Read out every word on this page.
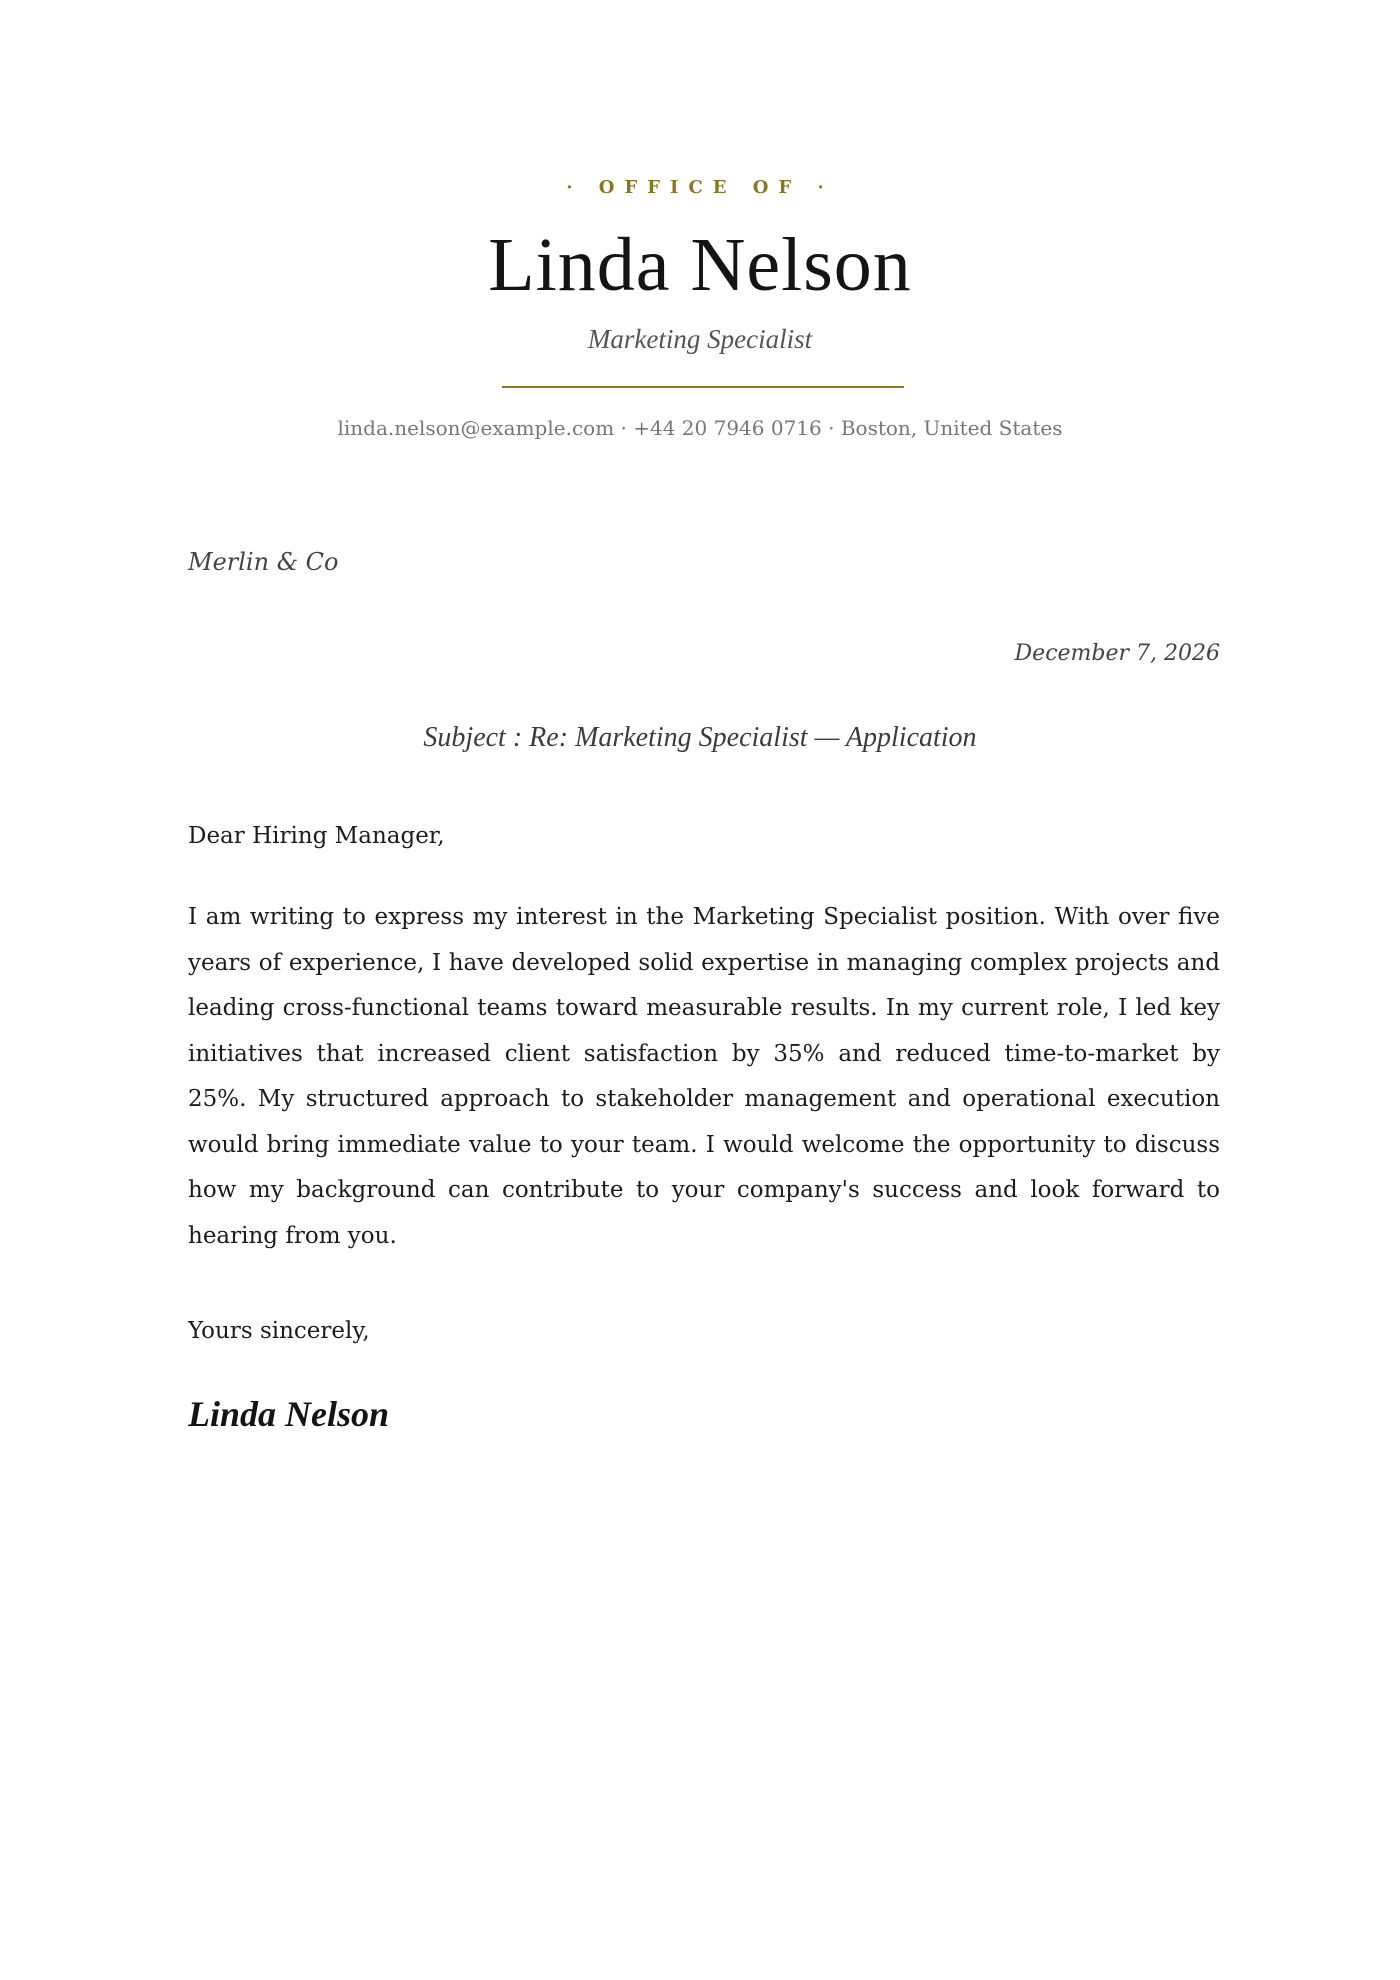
· OFFICE OF ·
Linda Nelson
Marketing Specialist
linda.nelson@example.com · +44 20 7946 0716 · Boston, United States
Merlin & Co
December 7, 2026
Subject : Re: Marketing Specialist — Application
Dear Hiring Manager,
I am writing to express my interest in the Marketing Specialist position. With over five years of experience, I have developed solid expertise in managing complex projects and leading cross-functional teams toward measurable results. In my current role, I led key initiatives that increased client satisfaction by 35% and reduced time-to-market by 25%. My structured approach to stakeholder management and operational execution would bring immediate value to your team. I would welcome the opportunity to discuss how my background can contribute to your company's success and look forward to hearing from you.
Yours sincerely,
Linda Nelson
